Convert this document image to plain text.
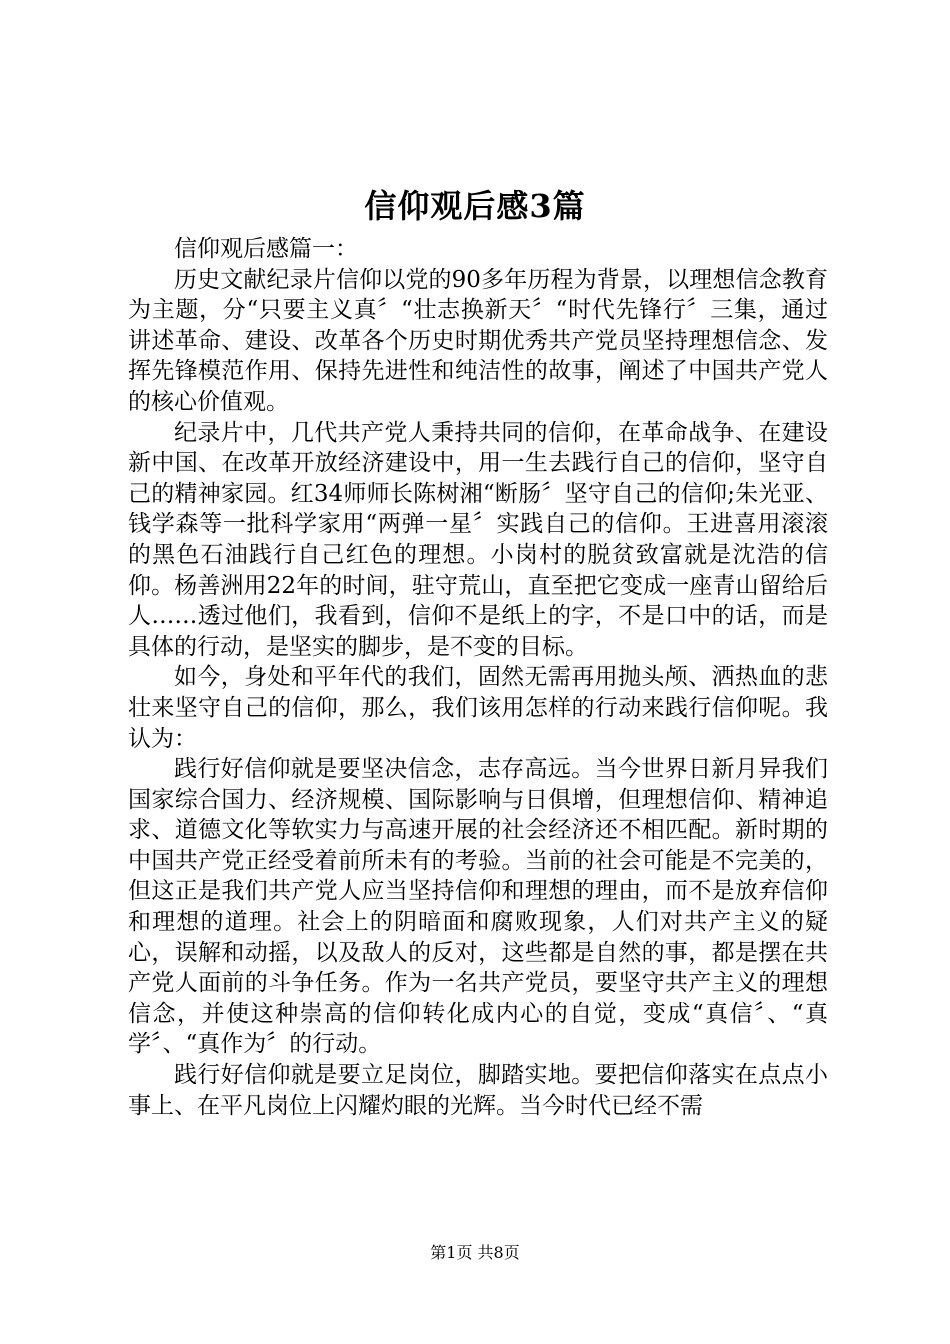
信仰观后感3篇

信仰观后感篇一：

历史文献纪录片信仰以党的90多年历程为背景，以理想信念教育为主题，分“只要主义真〞“壮志换新天〞“时代先锋行〞三集，通过讲述革命、建设、改革各个历史时期优秀共产党员坚持理想信念、发挥先锋模范作用、保持先进性和纯洁性的故事，阐述了中国共产党人的核心价值观。

纪录片中，几代共产党人秉持共同的信仰，在革命战争、在建设新中国、在改革开放经济建设中，用一生去践行自己的信仰，坚守自己的精神家园。红34师师长陈树湘“断肠〞坚守自己的信仰;朱光亚、钱学森等一批科学家用“两弹一星〞实践自己的信仰。王进喜用滚滚的黑色石油践行自己红色的理想。小岗村的脱贫致富就是沈浩的信仰。杨善洲用22年的时间，驻守荒山，直至把它变成一座青山留给后人……透过他们，我看到，信仰不是纸上的字，不是口中的话，而是具体的行动，是坚实的脚步，是不变的目标。

如今，身处和平年代的我们，固然无需再用抛头颅、洒热血的悲壮来坚守自己的信仰，那么，我们该用怎样的行动来践行信仰呢。我认为：

践行好信仰就是要坚决信念，志存高远。当今世界日新月异我们国家综合国力、经济规模、国际影响与日俱增，但理想信仰、精神追求、道德文化等软实力与高速开展的社会经济还不相匹配。新时期的中国共产党正经受着前所未有的考验。当前的社会可能是不完美的，但这正是我们共产党人应当坚持信仰和理想的理由，而不是放弃信仰和理想的道理。社会上的阴暗面和腐败现象，人们对共产主义的疑心，误解和动摇，以及敌人的反对，这些都是自然的事，都是摆在共产党人面前的斗争任务。作为一名共产党员，要坚守共产主义的理想信念，并使这种崇高的信仰转化成内心的自觉，变成“真信〞、“真学〞、“真作为〞的行动。

践行好信仰就是要立足岗位，脚踏实地。要把信仰落实在点点小事上、在平凡岗位上闪耀灼眼的光辉。当今时代已经不需

第1页 共8页
